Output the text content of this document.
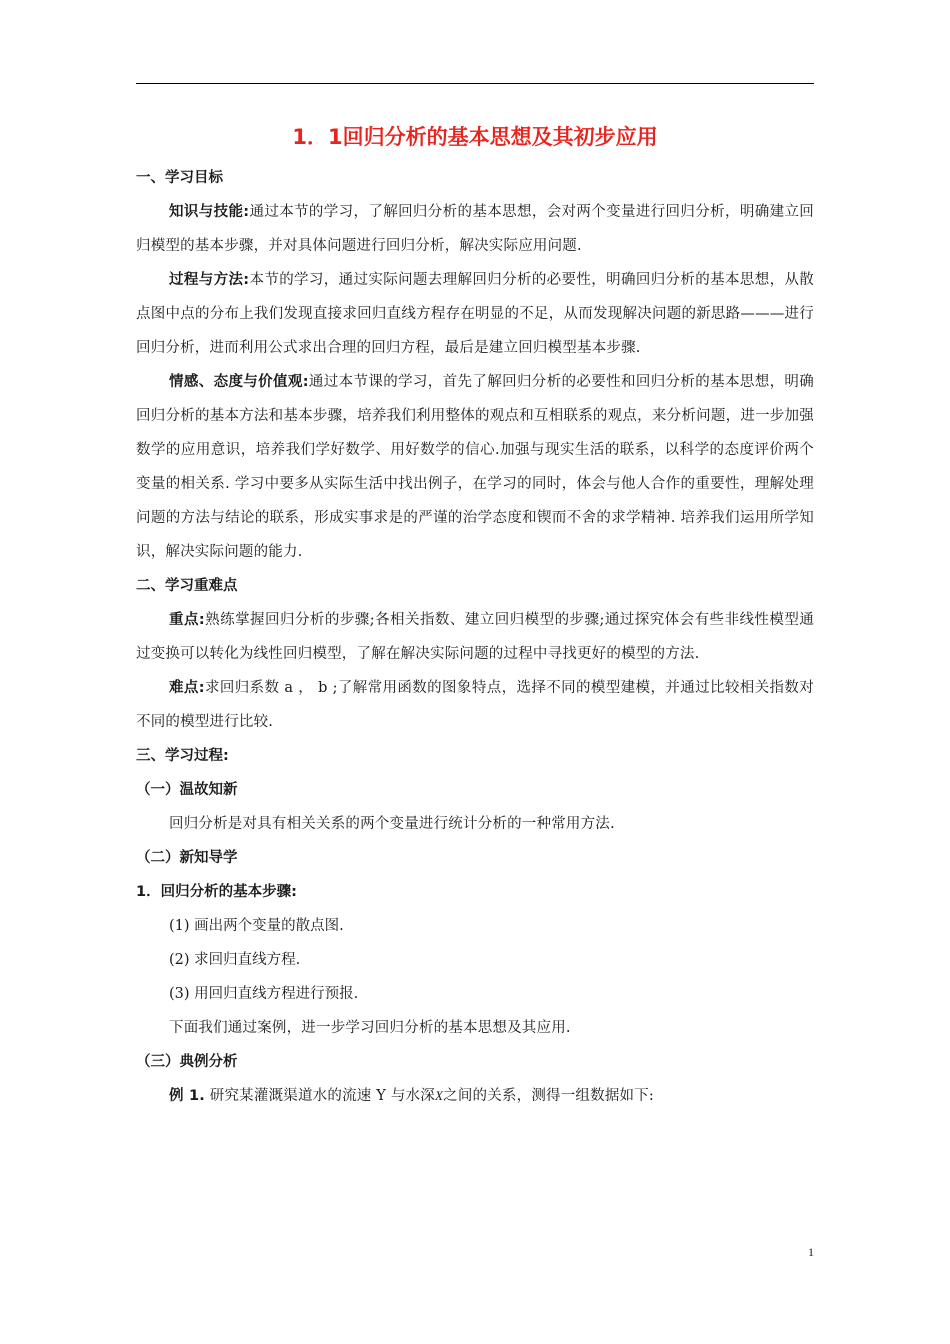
1．1回归分析的基本思想及其初步应用
一、学习目标

知识与技能:通过本节的学习，了解回归分析的基本思想，会对两个变量进行回归分析，明确建立回归模型的基本步骤，并对具体问题进行回归分析，解决实际应用问题.

过程与方法:本节的学习，通过实际问题去理解回归分析的必要性，明确回归分析的基本思想，从散点图中点的分布上我们发现直接求回归直线方程存在明显的不足，从而发现解决问题的新思路———进行回归分析，进而利用公式求出合理的回归方程，最后是建立回归模型基本步骤.

情感、态度与价值观:通过本节课的学习，首先了解回归分析的必要性和回归分析的基本思想，明确回归分析的基本方法和基本步骤，培养我们利用整体的观点和互相联系的观点，来分析问题，进一步加强数学的应用意识，培养我们学好数学、用好数学的信心.加强与现实生活的联系，以科学的态度评价两个变量的相关系. 学习中要多从实际生活中找出例子，在学习的同时，体会与他人合作的重要性，理解处理问题的方法与结论的联系，形成实事求是的严谨的治学态度和锲而不舍的求学精神. 培养我们运用所学知识，解决实际问题的能力.

二、学习重难点

重点:熟练掌握回归分析的步骤;各相关指数、建立回归模型的步骤;通过探究体会有些非线性模型通过变换可以转化为线性回归模型，了解在解决实际问题的过程中寻找更好的模型的方法.

难点:求回归系数 a ， b ;了解常用函数的图象特点，选择不同的模型建模，并通过比较相关指数对不同的模型进行比较.

三、学习过程:
（一）温故知新

回归分析是对具有相关关系的两个变量进行统计分析的一种常用方法.

（二）新知导学
1．回归分析的基本步骤:

(1) 画出两个变量的散点图.

(2) 求回归直线方程.

(3) 用回归直线方程进行预报.

下面我们通过案例，进一步学习回归分析的基本思想及其应用.

（三）典例分析

例 1. 研究某灌溉渠道水的流速 Y 与水深X之间的关系，测得一组数据如下:

1
